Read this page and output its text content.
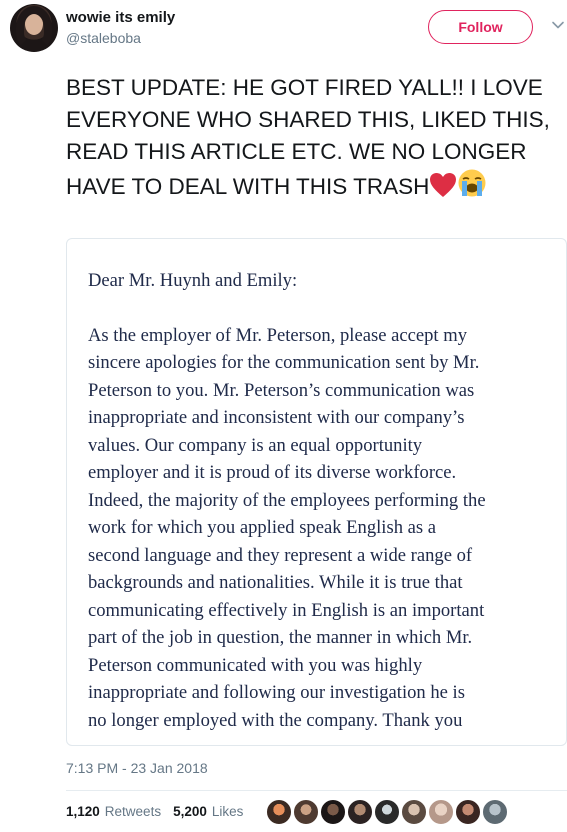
wowie its emily
@staleboba
Follow
BEST UPDATE: HE GOT FIRED YALL!! I LOVE EVERYONE WHO SHARED THIS, LIKED THIS, READ THIS ARTICLE ETC. WE NO LONGER HAVE TO DEAL WITH THIS TRASH
Dear Mr. Huynh and Emily:
As the employer of Mr. Peterson, please accept my
sincere apologies for the communication sent by Mr.
Peterson to you. Mr. Peterson’s communication was
inappropriate and inconsistent with our company’s
values. Our company is an equal opportunity
employer and it is proud of its diverse workforce.
Indeed, the majority of the employees performing the
work for which you applied speak English as a
second language and they represent a wide range of
backgrounds and nationalities. While it is true that
communicating effectively in English is an important
part of the job in question, the manner in which Mr.
Peterson communicated with you was highly
inappropriate and following our investigation he is
no longer employed with the company. Thank you
7:13 PM - 23 Jan 2018
1,120 Retweets 5,200 Likes
